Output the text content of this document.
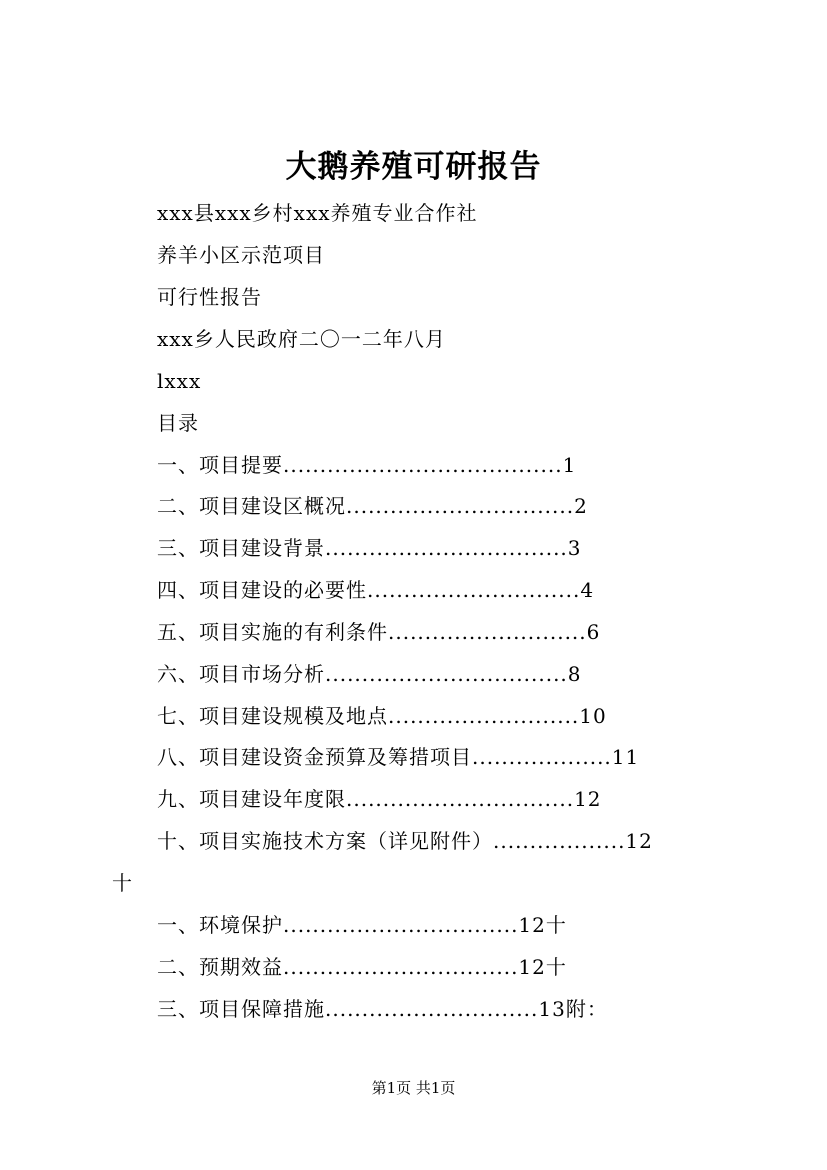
大鹅养殖可研报告
xxx县xxx乡村xxx养殖专业合作社
养羊小区示范项目
可行性报告
xxx乡人民政府二〇一二年八月
lxxx
目录
一、项目提要......................................1
二、项目建设区概况...............................2
三、项目建设背景.................................3
四、项目建设的必要性.............................4
五、项目实施的有利条件...........................6
六、项目市场分析.................................8
七、项目建设规模及地点..........................10
八、项目建设资金预算及筹措项目...................11
九、项目建设年度限...............................12
十、项目实施技术方案（详见附件）..................12
十
一、环境保护................................12十
二、预期效益................................12十
三、项目保障措施.............................13附：
第1页 共1页
